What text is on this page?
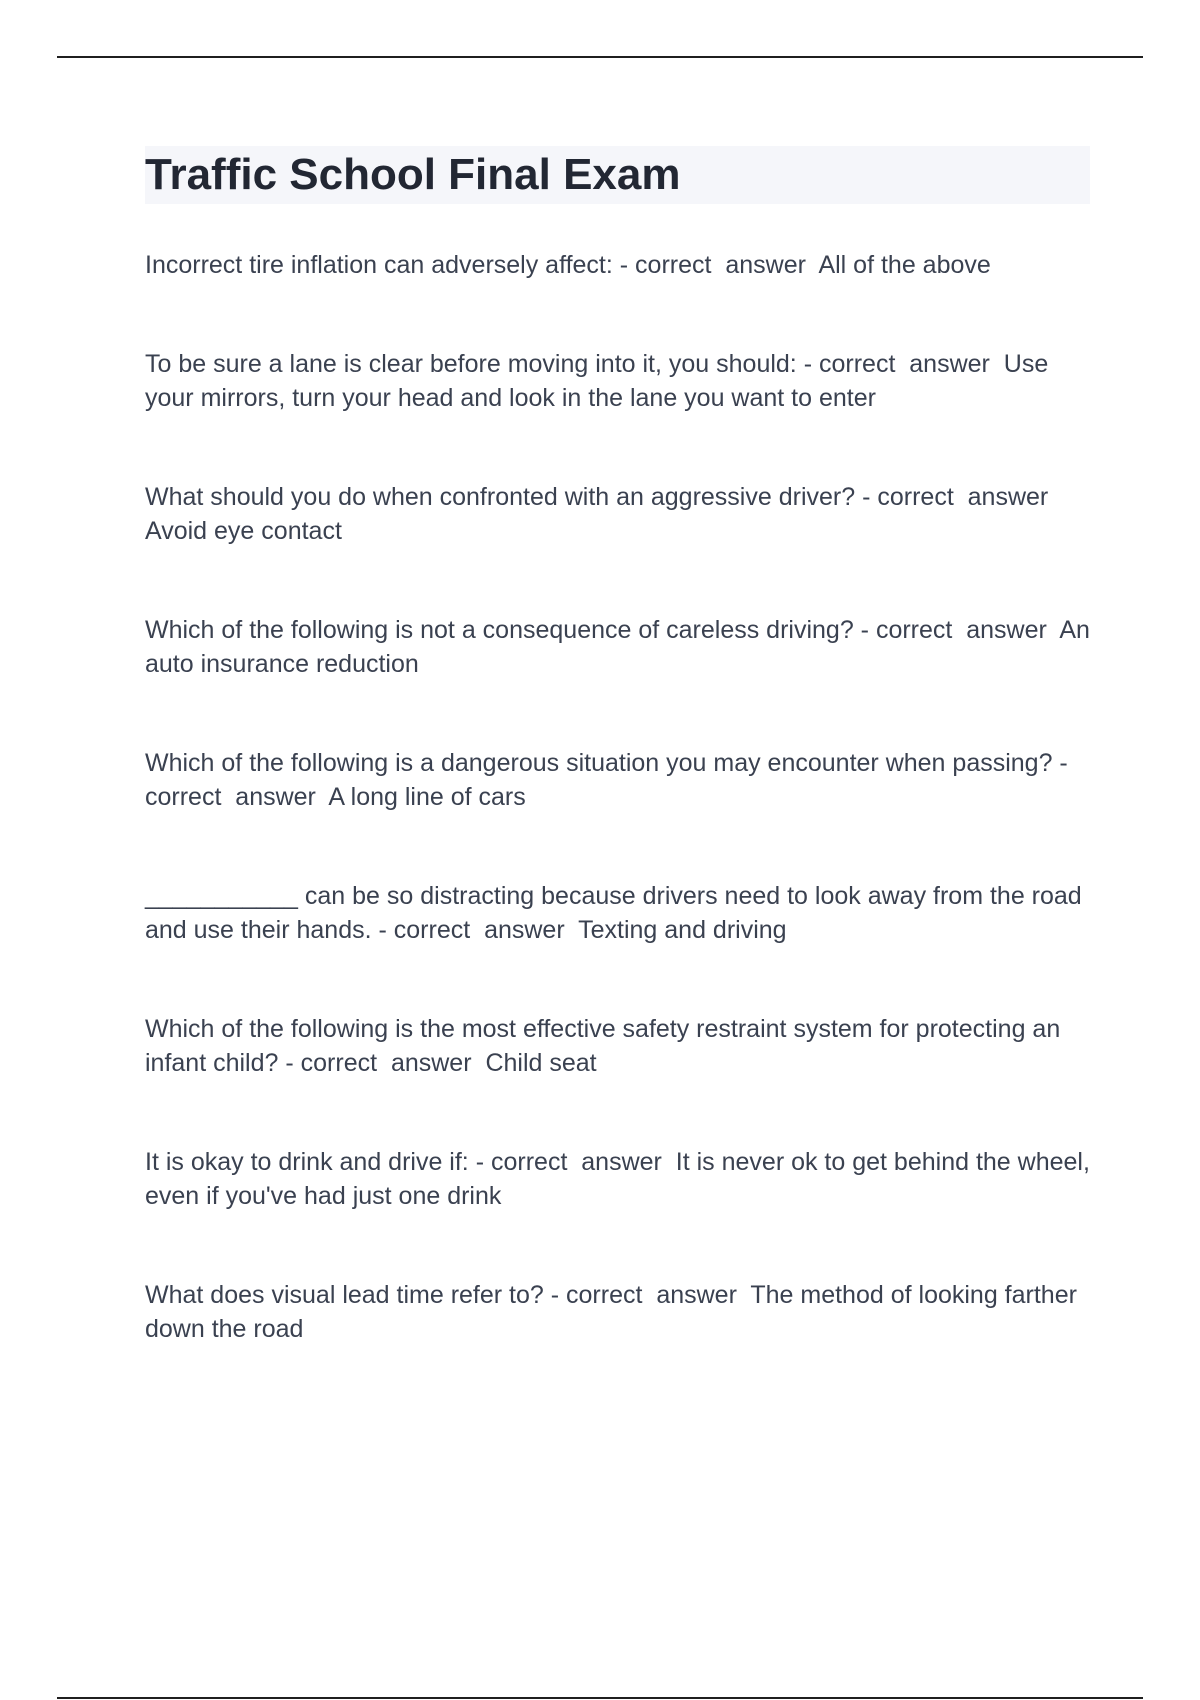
Traffic School Final Exam

Incorrect tire inflation can adversely affect: - correct  answer  All of the above

To be sure a lane is clear before moving into it, you should: - correct  answer  Use your mirrors, turn your head and look in the lane you want to enter

What should you do when confronted with an aggressive driver? - correct  answer  Avoid eye contact

Which of the following is not a consequence of careless driving? - correct  answer  An auto insurance reduction

Which of the following is a dangerous situation you may encounter when passing? - correct  answer  A long line of cars

___________ can be so distracting because drivers need to look away from the road and use their hands. - correct  answer  Texting and driving

Which of the following is the most effective safety restraint system for protecting an infant child? - correct  answer  Child seat

It is okay to drink and drive if: - correct  answer  It is never ok to get behind the wheel, even if you've had just one drink

What does visual lead time refer to? - correct  answer  The method of looking farther down the road
